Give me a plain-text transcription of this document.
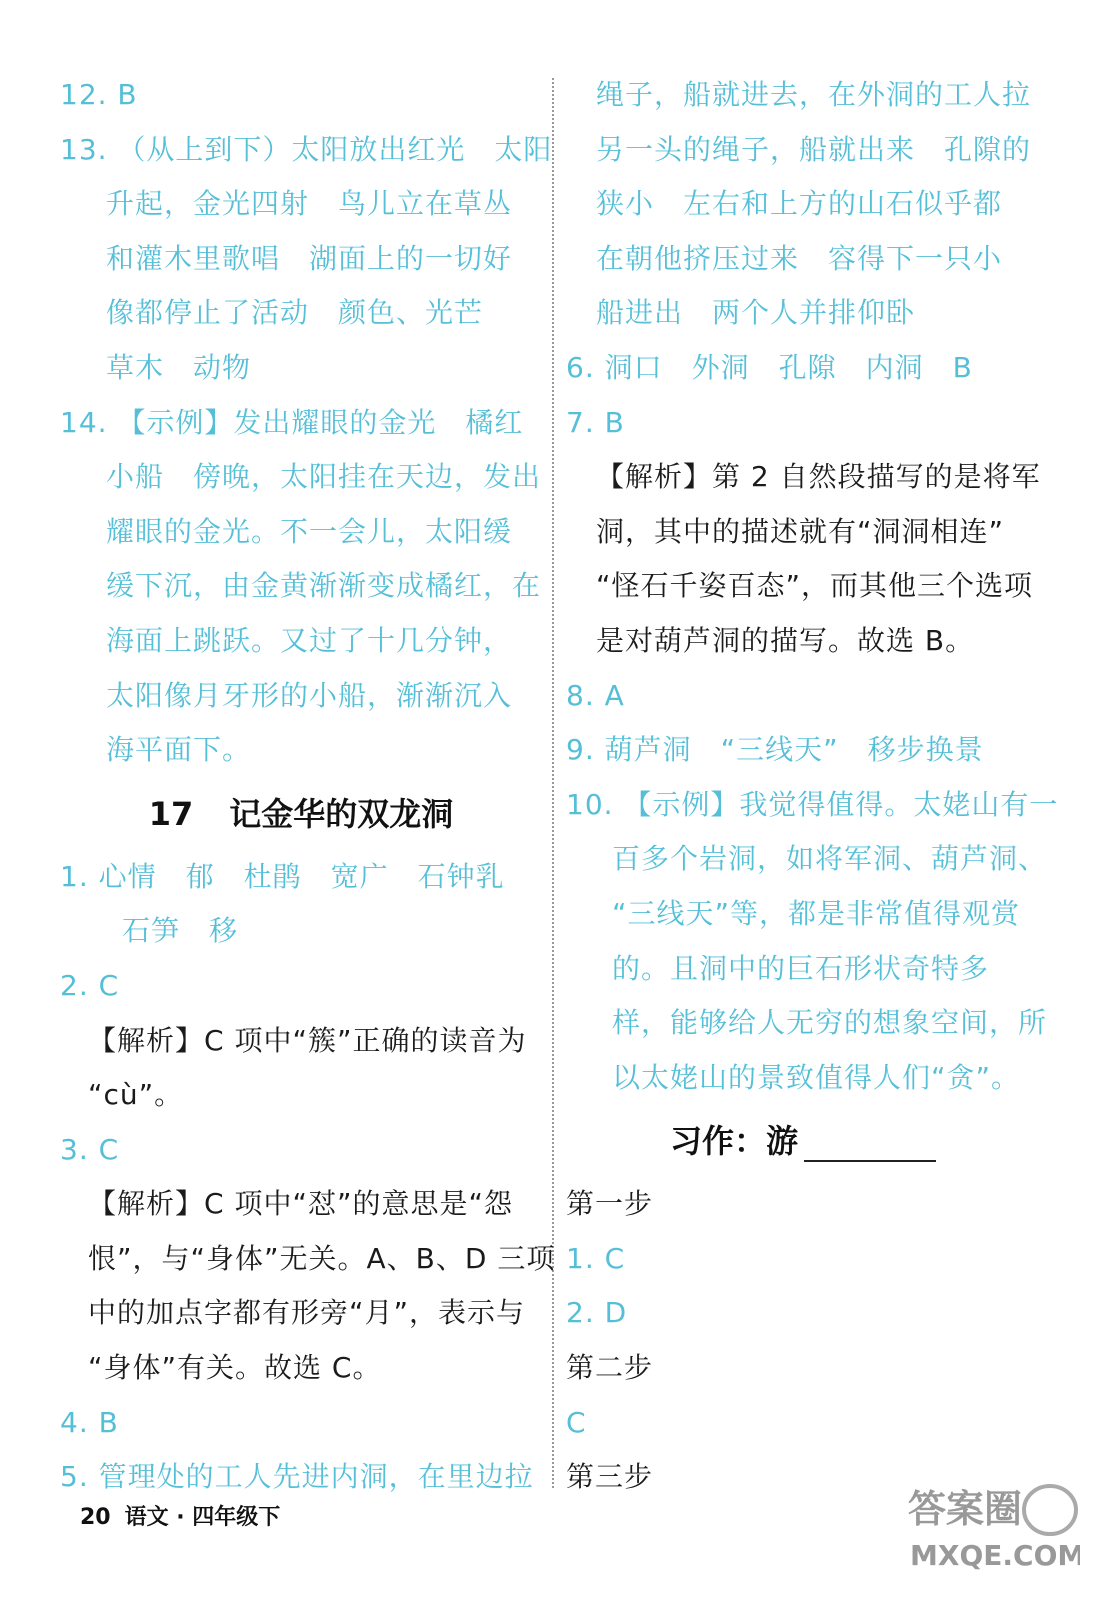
12. B
13. （从上到下）太阳放出红光　太阳
升起，金光四射　鸟儿立在草丛
和灌木里歌唱　湖面上的一切好
像都停止了活动　颜色、光芒
草木　动物
14. 【示例】发出耀眼的金光　橘红
小船　傍晚，太阳挂在天边，发出
耀眼的金光。不一会儿，太阳缓
缓下沉，由金黄渐渐变成橘红，在
海面上跳跃。又过了十几分钟，
太阳像月牙形的小船，渐渐沉入
海平面下。
17 记金华的双龙洞
1. 心情　郁　杜鹃　宽广　石钟乳
石笋　移
2. C
【解析】C 项中“簇”正确的读音为
“cù”。
3. C
【解析】C 项中“怼”的意思是“怨
恨”，与“身体”无关。A、B、D 三项
中的加点字都有形旁“月”，表示与
“身体”有关。故选 C。
4. B
5. 管理处的工人先进内洞，在里边拉
绳子，船就进去，在外洞的工人拉
另一头的绳子，船就出来　孔隙的
狭小　左右和上方的山石似乎都
在朝他挤压过来　容得下一只小
船进出　两个人并排仰卧
6. 洞口　外洞　孔隙　内洞　B
7. B
【解析】第 2 自然段描写的是将军
洞，其中的描述就有“洞洞相连”
“怪石千姿百态”，而其他三个选项
是对葫芦洞的描写。故选 B。
8. A
9. 葫芦洞　“三线天”　移步换景
10. 【示例】我觉得值得。太姥山有一
百多个岩洞，如将军洞、葫芦洞、
“三线天”等，都是非常值得观赏
的。且洞中的巨石形状奇特多
样，能够给人无穷的想象空间，所
以太姥山的景致值得人们“贪”。
习作：游
第一步
1. C
2. D
第二步
C
第三步
20 语文 · 四年级下	答案圈
MXQE.COM
